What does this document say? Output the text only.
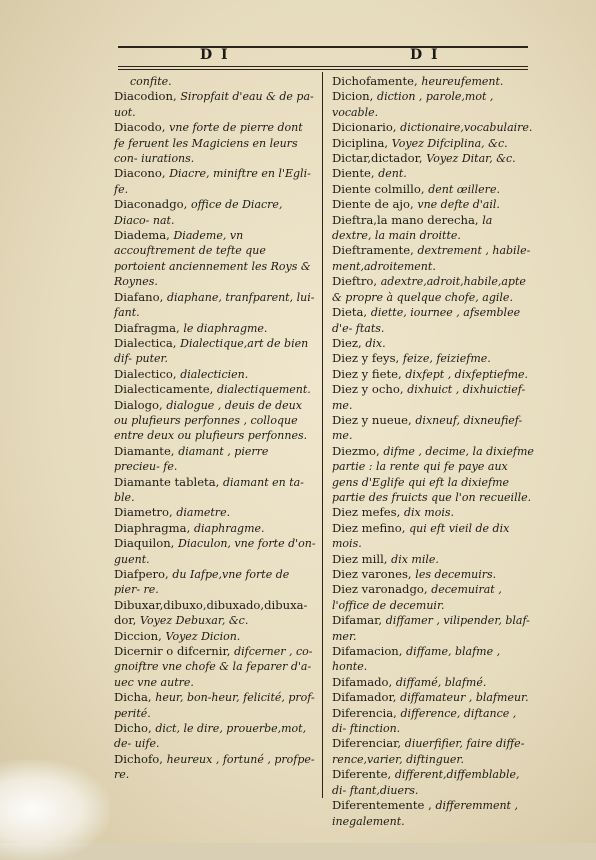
D I	D I

confite.

Diacodion, Siropfait d'eau & de pa- uot.

Diacodo, vne forte de pierre dont fe feruent les Magiciens en leurs con- iurations.

Diacono, Diacre, miniftre en l'Egli- fe.

Diaconadgo, office de Diacre, Diaco- nat.

Diadema, Diademe, vn accouftrement de tefte que portoient anciennement les Roys & Roynes.

Diafano, diaphane, tranfparent, lui- fant.

Diafragma, le diaphragme.

Dialectica, Dialectique,art de bien dif- puter.

Dialectico, dialecticien.

Dialecticamente, dialectiquement.

Dialogo, dialogue , deuis de deux ou plufieurs perfonnes , colloque entre deux ou plufieurs perfonnes.

Diamante, diamant , pierre precieu- fe.

Diamante tableta, diamant en ta- ble.

Diametro, diametre.

Diaphragma, diaphragme.

Diaquilon, Diaculon, vne forte d'on- guent.

Diafpero, du Iafpe,vne forte de pier- re.

Dibuxar,dibuxo,dibuxado,dibuxa- dor, Voyez Debuxar, &c.

Diccion, Voyez Dicion.

Dicernir o difcernir, difcerner , co- gnoiftre vne chofe & la feparer d'a- uec vne autre.

Dicha, heur, bon-heur, felicité, prof- perité.

Dicho, dict, le dire, prouerbe,mot, de- uife.

Dichofo, heureux , fortuné , profpe- re.

Dichofamente, heureufement.

Dicion, diction , parole,mot , vocable.

Dicionario, dictionaire,vocabulaire.

Diciplina, Voyez Difciplina, &c.

Dictar,dictador, Voyez Ditar, &c.

Diente, dent.

Diente colmillo, dent œillere.

Diente de ajo, vne defte d'ail.

Dieftra,la mano derecha, la dextre, la main droitte.

Dieftramente, dextrement , habile- ment,adroitement.

Dieftro, adextre,adroit,habile,apte & propre à quelque chofe, agile.

Dieta, diette, iournee , afsemblee d'e- ftats.

Diez, dix.

Diez y feys, feize, feiziefme.

Diez y fiete, dixfept , dixfeptiefme.

Diez y ocho, dixhuict , dixhuictief- me.

Diez y nueue, dixneuf, dixneufief- me.

Diezmo, difme , decime, la dixiefme partie : la rente qui fe paye aux gens d'Eglife qui eft la dixiefme partie des fruicts que l'on recueille.

Diez mefes, dix mois.

Diez mefino, qui eft vieil de dix mois.

Diez mill, dix mile.

Diez varones, les decemuirs.

Diez varonadgo, decemuirat , l'office de decemuir.

Difamar, diffamer , vilipender, blaf- mer.

Difamacion, diffame, blafme , honte.

Difamado, diffamé, blafmé.

Difamador, diffamateur , blafmeur.

Diferencia, difference, diftance , di- ftinction.

Diferenciar, diuerfifier, faire diffe- rence,varier, diftinguer.

Diferente, different,diffemblable, di- ftant,diuers.

Diferentemente , differemment , inegalement.
